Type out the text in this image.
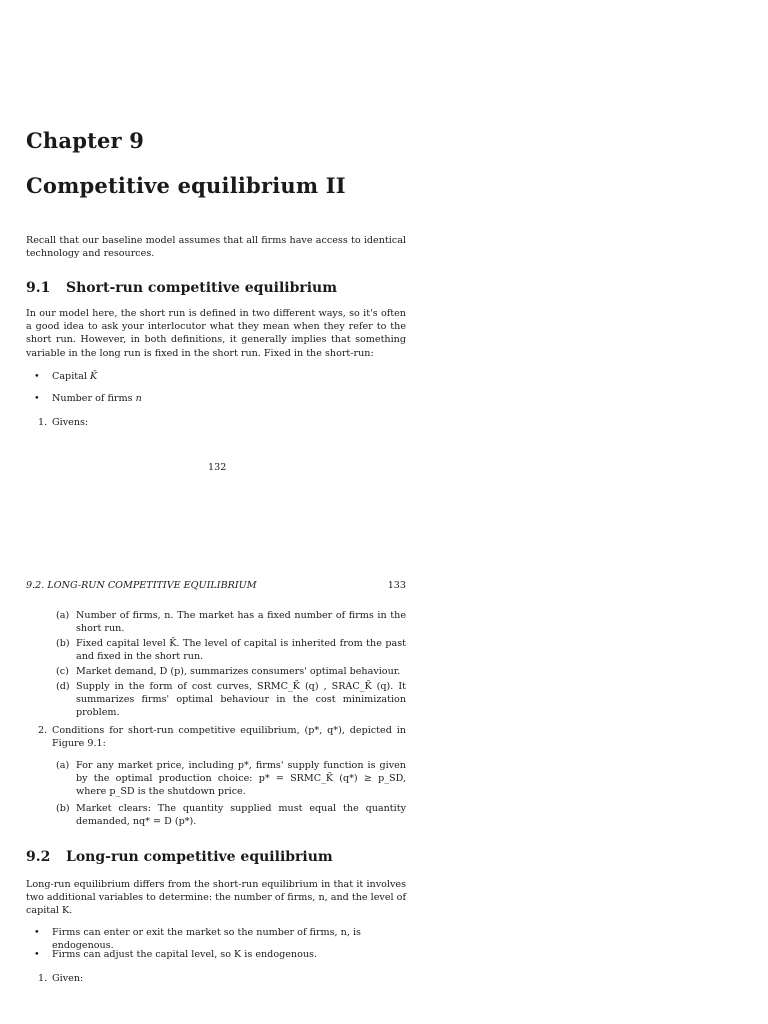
Chapter 9
Competitive equilibrium II

Recall that our baseline model assumes that all firms have access to identical technology and resources.

9.1 Short-run competitive equilibrium

In our model here, the short run is defined in two different ways, so it's often a good idea to ask your interlocutor what they mean when they refer to the short run. However, in both definitions, it generally implies that something variable in the long run is fixed in the short run. Fixed in the short-run:

• Capital K̄
• Number of firms n
1. Givens:
132
9.2. LONG-RUN COMPETITIVE EQUILIBRIUM	133
(a) Number of firms, n. The market has a fixed number of firms in the short run.
(b) Fixed capital level K̄. The level of capital is inherited from the past and fixed in the short run.
(c) Market demand, D (p), summarizes consumers' optimal behaviour.
(d) Supply in the form of cost curves, SRMC_K̄ (q) , SRAC_K̄ (q). It summarizes firms' optimal behaviour in the cost minimization problem.
2. Conditions for short-run competitive equilibrium, (p*, q*), depicted in Figure 9.1:
(a) For any market price, including p*, firms' supply function is given by the optimal production choice: p* = SRMC_K̄ (q*) ≥ p_SD, where p_SD is the shutdown price.
(b) Market clears: The quantity supplied must equal the quantity demanded, nq* = D (p*).
9.2 Long-run competitive equilibrium

Long-run equilibrium differs from the short-run equilibrium in that it involves two additional variables to determine: the number of firms, n, and the level of capital K.

• Firms can enter or exit the market so the number of firms, n, is endogenous.
• Firms can adjust the capital level, so K is endogenous.
1. Given:
